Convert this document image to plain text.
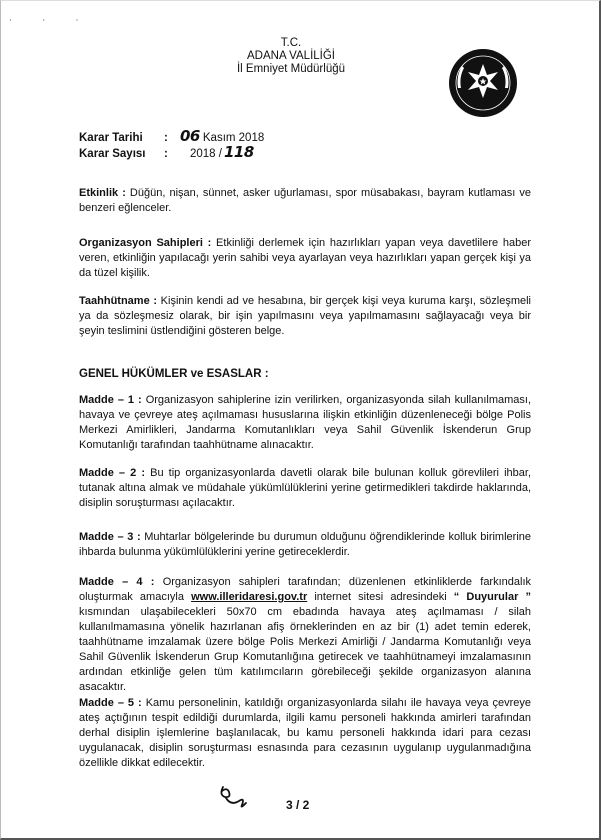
· · ·
T.C.
ADANA VALİLİĞİ
İl Emniyet Müdürlüğü
Karar Tarihi	: 06 Kasım 2018
Karar Sayısı	:	2018 / 118

Etkinlik : Düğün, nişan, sünnet, asker uğurlaması, spor müsabakası, bayram kutlaması ve benzeri eğlenceler.

Organizasyon Sahipleri : Etkinliği derlemek için hazırlıkları yapan veya davetlilere haber veren, etkinliğin yapılacağı yerin sahibi veya ayarlayan veya hazırlıkları yapan gerçek kişi ya da tüzel kişilik.

Taahhütname : Kişinin kendi ad ve hesabına, bir gerçek kişi veya kuruma karşı, sözleşmeli ya da sözleşmesiz olarak, bir işin yapılmasını veya yapılmamasını sağlayacağı veya bir şeyin teslimini üstlendiğini gösteren belge.

GENEL HÜKÜMLER ve ESASLAR :

Madde – 1 : Organizasyon sahiplerine izin verilirken, organizasyonda silah kullanılmaması, havaya ve çevreye ateş açılmaması hususlarına ilişkin etkinliğin düzenleneceği bölge Polis Merkezi Amirlikleri, Jandarma Komutanlıkları veya Sahil Güvenlik İskenderun Grup Komutanlığı tarafından taahhütname alınacaktır.

Madde – 2 : Bu tip organizasyonlarda davetli olarak bile bulunan kolluk görevlileri ihbar, tutanak altına almak ve müdahale yükümlülüklerini yerine getirmedikleri takdirde haklarında, disiplin soruşturması açılacaktır.

Madde – 3 : Muhtarlar bölgelerinde bu durumun olduğunu öğrendiklerinde kolluk birimlerine ihbarda bulunma yükümlülüklerini yerine getireceklerdir.

Madde – 4 : Organizasyon sahipleri tarafından; düzenlenen etkinliklerde farkındalık oluşturmak amacıyla www.illeridaresi.gov.tr internet sitesi adresindeki “ Duyurular ” kısmından ulaşabilecekleri 50x70 cm ebadında havaya ateş açılmaması / silah kullanılmamasına yönelik hazırlanan afiş örneklerinden en az bir (1) adet temin ederek, taahhütname imzalamak üzere bölge Polis Merkezi Amirliği / Jandarma Komutanlığı veya Sahil Güvenlik İskenderun Grup Komutanlığına getirecek ve taahhütnameyi imzalamasının ardından etkinliğe gelen tüm katılımcıların görebileceği şekilde organizasyon alanına asacaktır.

Madde – 5 : Kamu personelinin, katıldığı organizasyonlarda silahı ile havaya veya çevreye ateş açtığının tespit edildiği durumlarda, ilgili kamu personeli hakkında amirleri tarafından derhal disiplin işlemlerine başlanılacak, bu kamu personeli hakkında idari para cezası uygulanacak, disiplin soruşturması esnasında para cezasının uygulanıp uygulanmadığına özellikle dikkat edilecektir.

3 / 2
